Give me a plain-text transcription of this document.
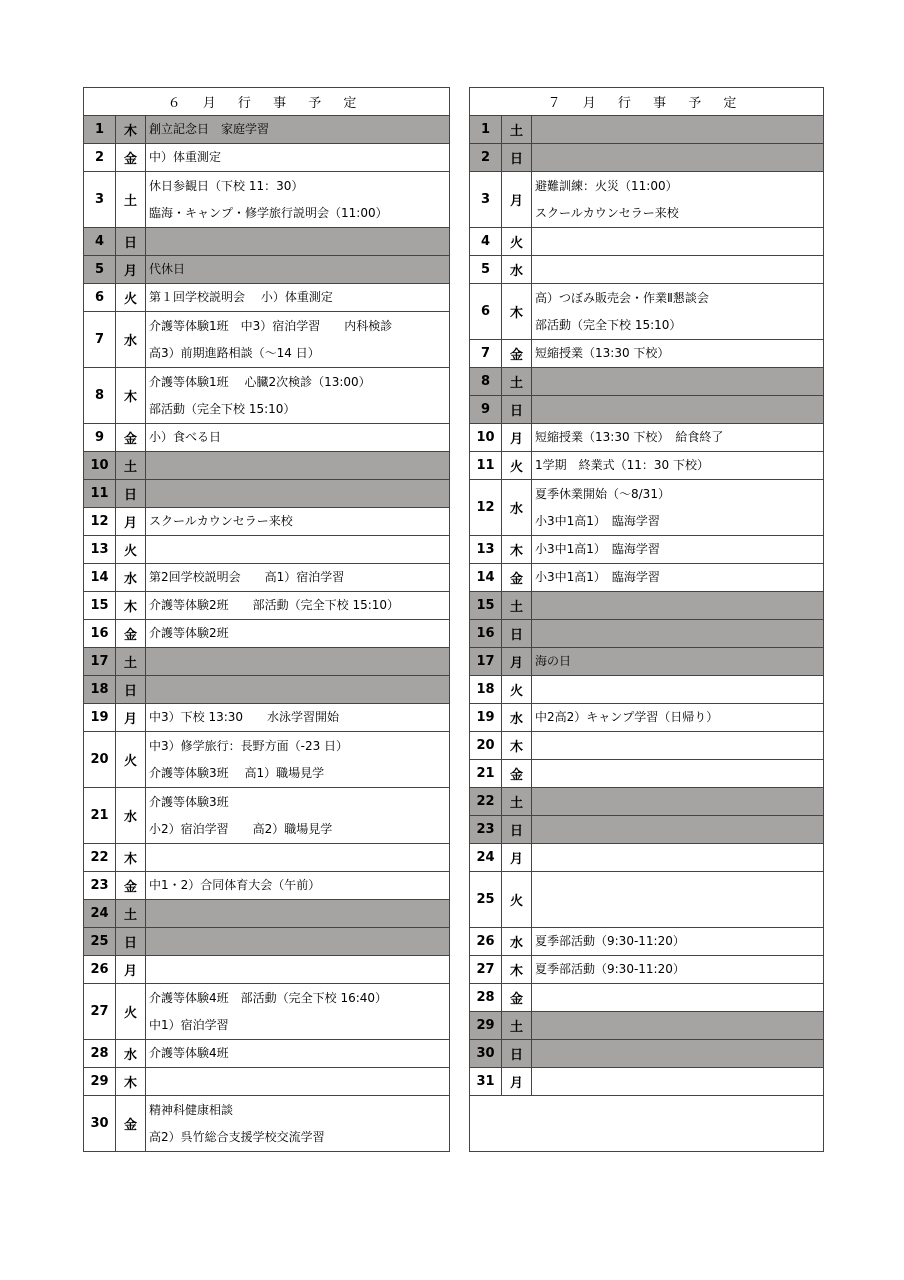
６ 月 行 事 予 定		
1	木	創立記念日　家庭学習

2	金	中）体重測定

3	土	休日参観日（下校 11：30）
臨海・キャンプ・修学旅行説明会（11:00）

4	日	

5	月	代休日

6	火	第１回学校説明会　 小）体重測定

7	水	介護等体験1班　中3）宿泊学習　　内科検診
高3）前期進路相談（～14 日）

8	木	介護等体験1班　 心臓2次検診（13:00）
部活動（完全下校 15:10）

9	金	小）食べる日

10	土	

11	日	

12	月	スクールカウンセラー来校

13	火	

14	水	第2回学校説明会　　高1）宿泊学習

15	木	介護等体験2班　　部活動（完全下校 15:10）

16	金	介護等体験2班

17	土	

18	日	

19	月	中3）下校 13:30　　水泳学習開始

20	火	中3）修学旅行：長野方面（-23 日）
介護等体験3班　 高1）職場見学

21	水	介護等体験3班
小2）宿泊学習　　高2）職場見学

22	木	

23	金	中1・2）合同体育大会（午前）

24	土	

25	日	

26	月	

27	火	介護等体験4班　部活動（完全下校 16:40）
中1）宿泊学習

28	水	介護等体験4班

29	木	

30	金	精神科健康相談
高2）呉竹総合支援学校交流学習
７ 月 行 事 予 定		
1	土	

2	日	

3	月	避難訓練：火災（11:00）
スクールカウンセラー来校

4	火	

5	水	

6	木	高）つぼみ販売会・作業Ⅱ懇談会
部活動（完全下校 15:10）

7	金	短縮授業（13:30 下校）

8	土	

9	日	

10	月	短縮授業（13:30 下校）　給食終了

11	火	1学期　終業式（11：30 下校）

12	水	夏季休業開始（～8/31）
小3中1高1）　臨海学習

13	木	小3中1高1）　臨海学習

14	金	小3中1高1）　臨海学習

15	土	

16	日	

17	月	海の日

18	火	

19	水	中2高2）キャンプ学習（日帰り）

20	木	

21	金	

22	土	

23	日	

24	月	

25	火	

26	水	夏季部活動（9:30-11:20）

27	木	夏季部活動（9:30-11:20）

28	金	

29	土	

30	日	

31	月	
